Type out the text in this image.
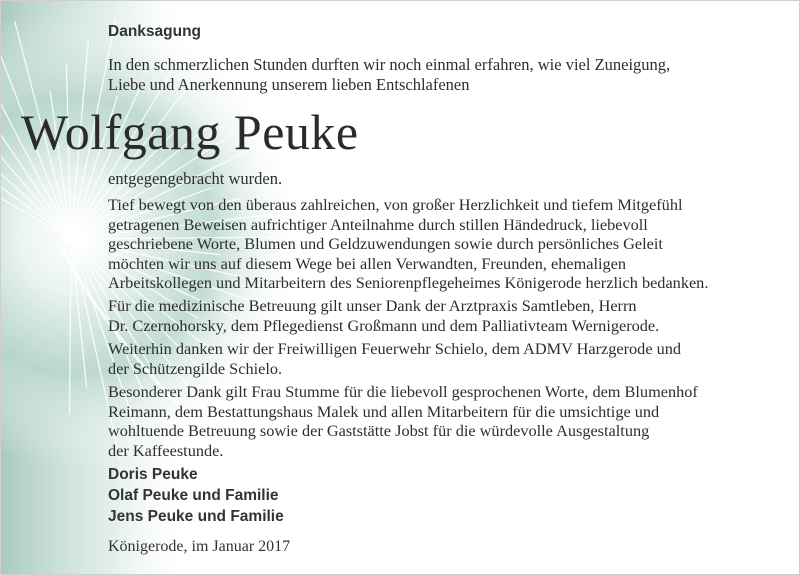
Danksagung
In den schmerzlichen Stunden durften wir noch einmal erfahren, wie viel Zuneigung,
Liebe und Anerkennung unserem lieben Entschlafenen
Wolfgang Peuke
entgegengebracht wurden.
Tief bewegt von den überaus zahlreichen, von großer Herzlichkeit und tiefem Mitgefühl
getragenen Beweisen aufrichtiger Anteilnahme durch stillen Händedruck, liebevoll
geschriebene Worte, Blumen und Geldzuwendungen sowie durch persönliches Geleit
möchten wir uns auf diesem Wege bei allen Verwandten, Freunden, ehemaligen
Arbeitskollegen und Mitarbeitern des Seniorenpflegeheimes Königerode herzlich bedanken.
Für die medizinische Betreuung gilt unser Dank der Arztpraxis Samtleben, Herrn
Dr. Czernohorsky, dem Pflegedienst Großmann und dem Palliativteam Wernigerode.
Weiterhin danken wir der Freiwilligen Feuerwehr Schielo, dem ADMV Harzgerode und
der Schützengilde Schielo.
Besonderer Dank gilt Frau Stumme für die liebevoll gesprochenen Worte, dem Blumenhof
Reimann, dem Bestattungshaus Malek und allen Mitarbeitern für die umsichtige und
wohltuende Betreuung sowie der Gaststätte Jobst für die würdevolle Ausgestaltung
der Kaffeestunde.
Doris Peuke
Olaf Peuke und Familie
Jens Peuke und Familie
Königerode, im Januar 2017
